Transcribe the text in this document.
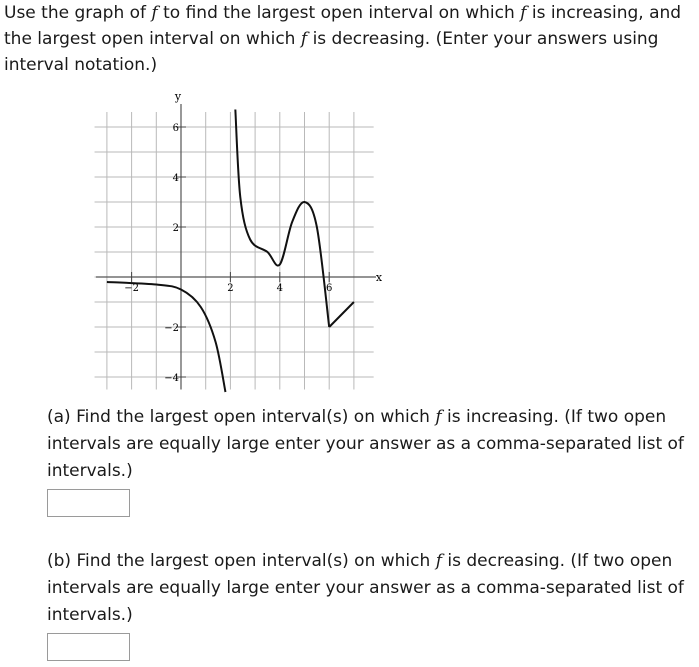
Use the graph of f to find the largest open interval on which f is increasing, and the largest open interval on which f is decreasing. (Enter your answers using interval notation.)
y
x
−2	2	4	6
6
4
2
−2
−4
(a) Find the largest open interval(s) on which f is increasing. (If two open intervals are equally large enter your answer as a comma-separated list of intervals.)
(b) Find the largest open interval(s) on which f is decreasing. (If two open intervals are equally large enter your answer as a comma-separated list of intervals.)
